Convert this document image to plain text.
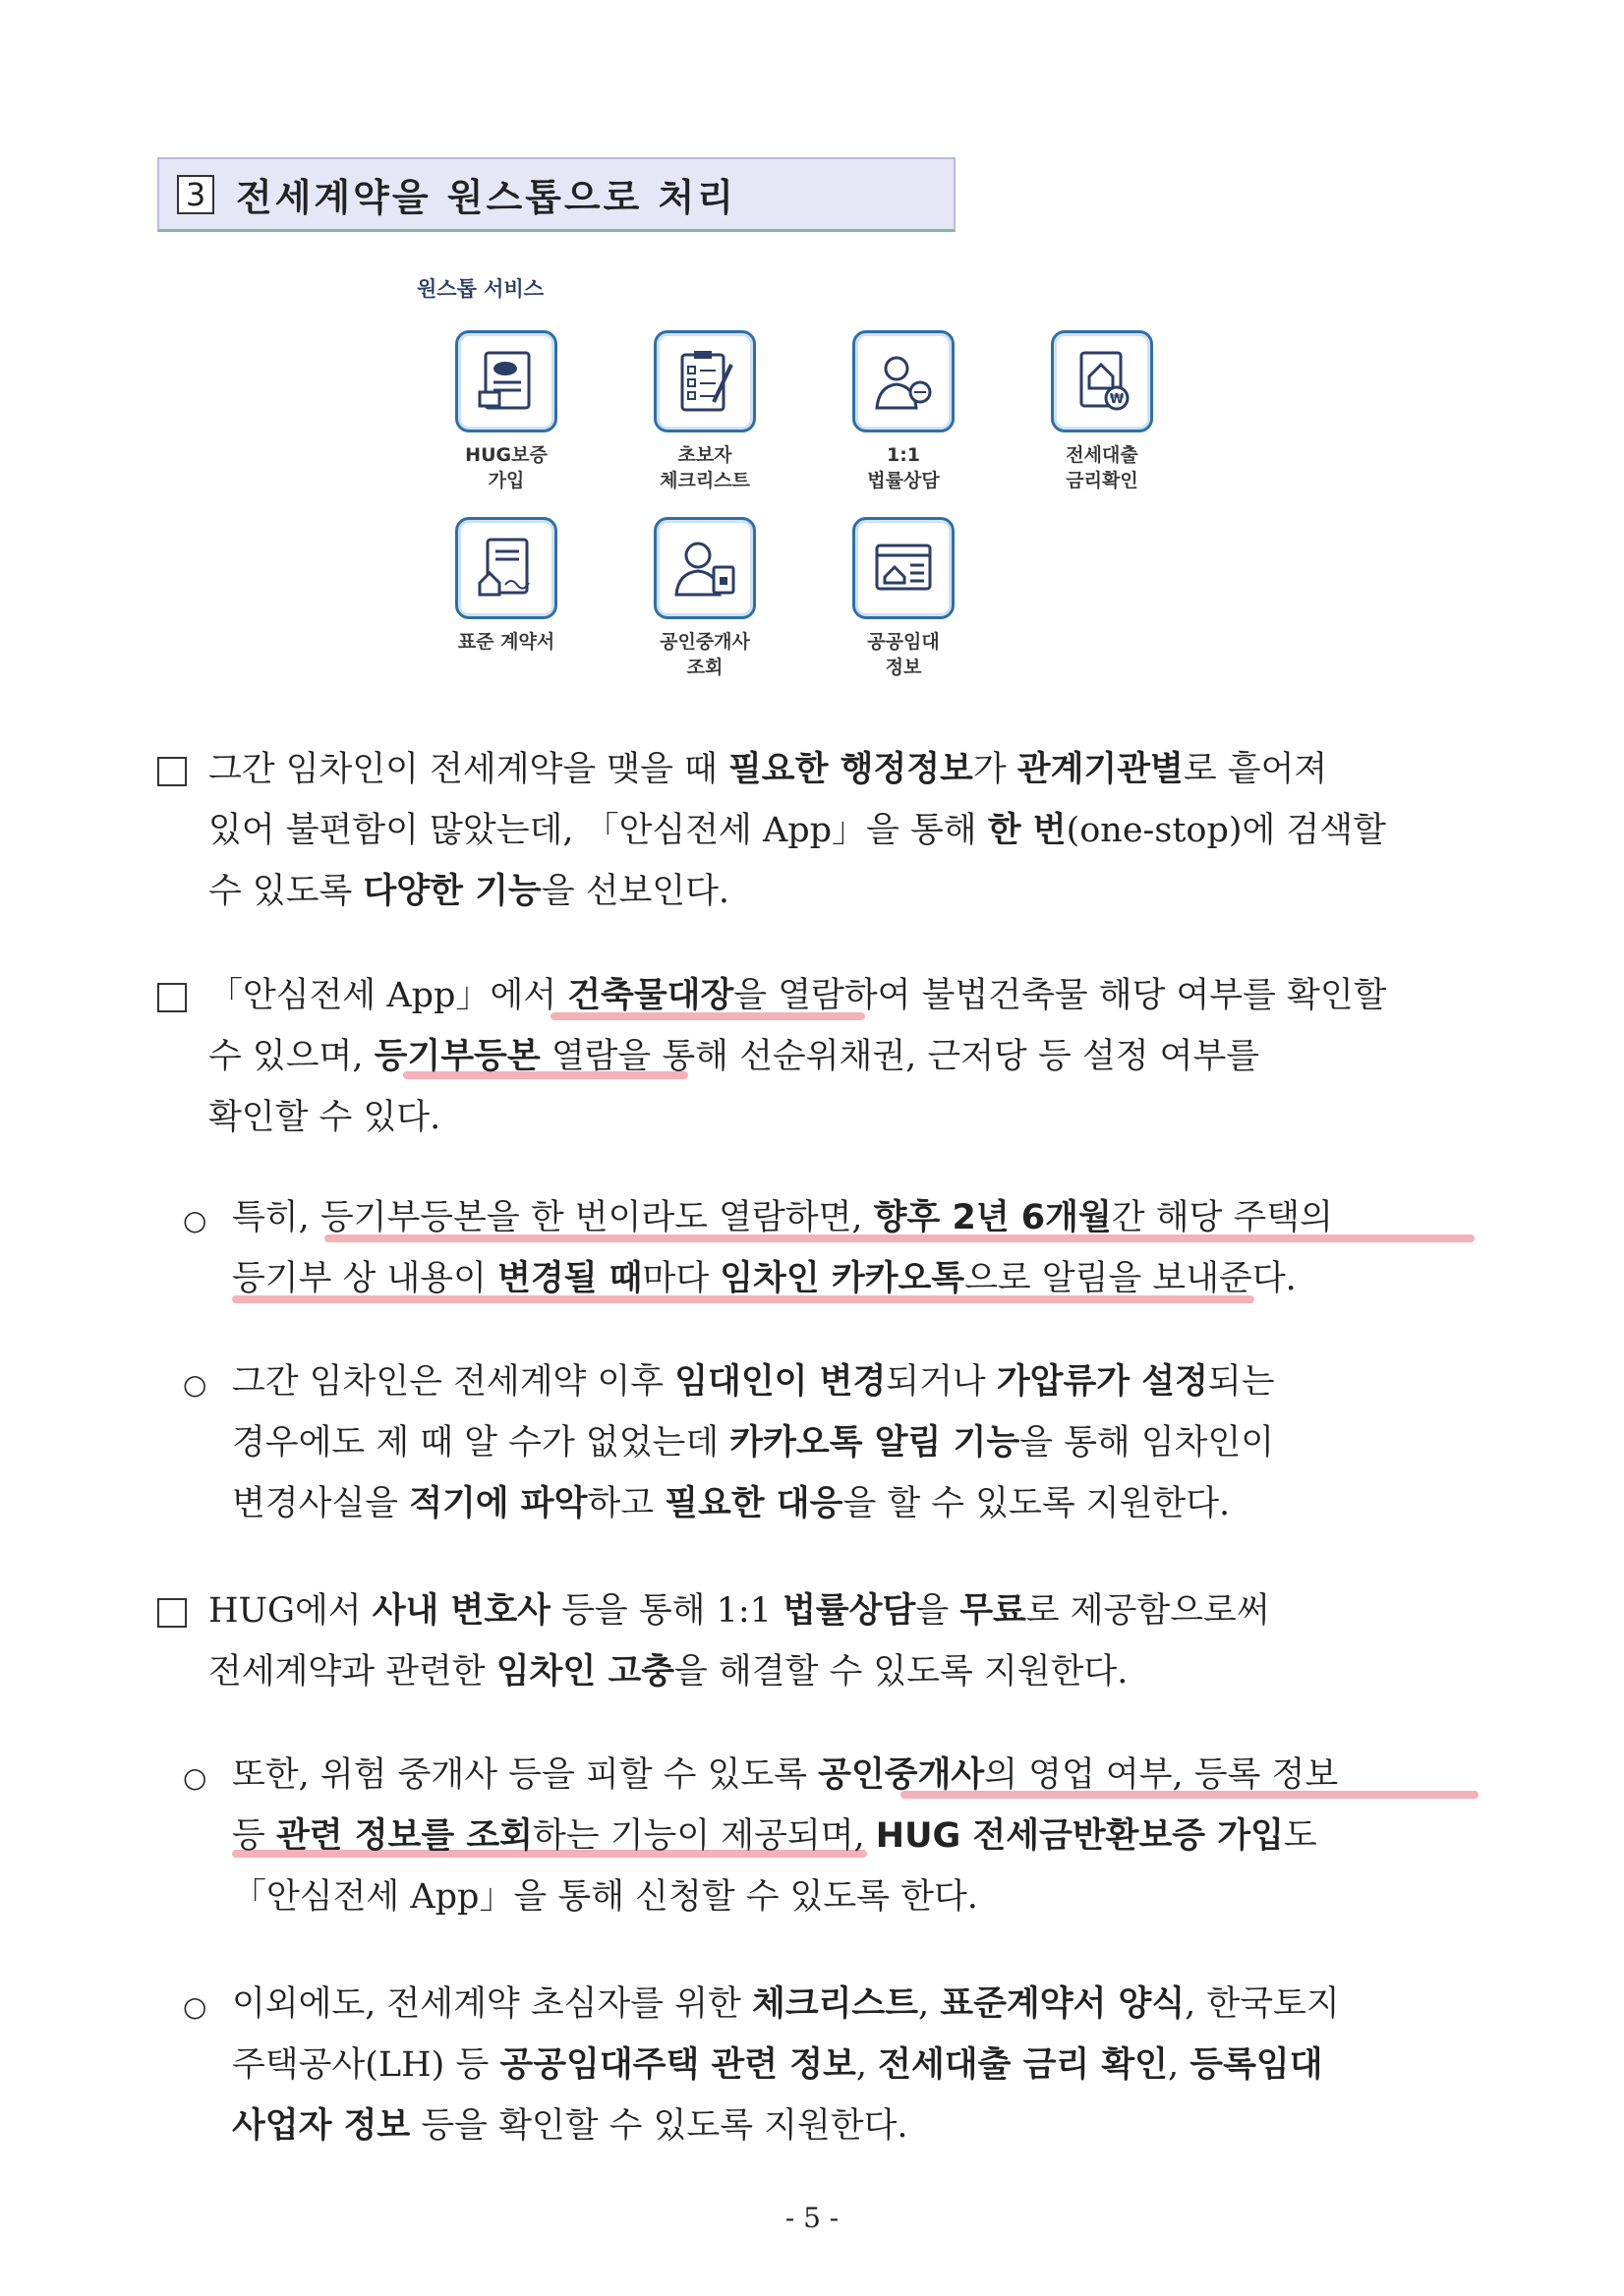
3 전세계약을 원스톱으로 처리
원스톱 서비스
HUG보증
가입
초보자
체크리스트
1:1
법률상담
₩
전세대출
금리확인
표준 계약서	공인중개사
조회
공공임대
정보
그간 임차인이 전세계약을 맺을 때 필요한 행정정보가 관계기관별로 흩어져
있어 불편함이 많았는데, 「안심전세 App」을 통해 한 번(one-stop)에 검색할
수 있도록 다양한 기능을 선보인다.
「안심전세 App」에서 건축물대장을 열람하여 불법건축물 해당 여부를 확인할
수 있으며, 등기부등본 열람을 통해 선순위채권, 근저당 등 설정 여부를
확인할 수 있다.
○ 특히, 등기부등본을 한 번이라도 열람하면, 향후 2년 6개월간 해당 주택의
등기부 상 내용이 변경될 때마다 임차인 카카오톡으로 알림을 보내준다.
○ 그간 임차인은 전세계약 이후 임대인이 변경되거나 가압류가 설정되는
경우에도 제 때 알 수가 없었는데 카카오톡 알림 기능을 통해 임차인이
변경사실을 적기에 파악하고 필요한 대응을 할 수 있도록 지원한다.
HUG에서 사내 변호사 등을 통해 1:1 법률상담을 무료로 제공함으로써
전세계약과 관련한 임차인 고충을 해결할 수 있도록 지원한다.
○ 또한, 위험 중개사 등을 피할 수 있도록 공인중개사의 영업 여부, 등록 정보
등 관련 정보를 조회하는 기능이 제공되며, HUG 전세금반환보증 가입도
「안심전세 App」을 통해 신청할 수 있도록 한다.
○ 이외에도, 전세계약 초심자를 위한 체크리스트, 표준계약서 양식, 한국토지
주택공사(LH) 등 공공임대주택 관련 정보, 전세대출 금리 확인, 등록임대
사업자 정보 등을 확인할 수 있도록 지원한다.
- 5 -
